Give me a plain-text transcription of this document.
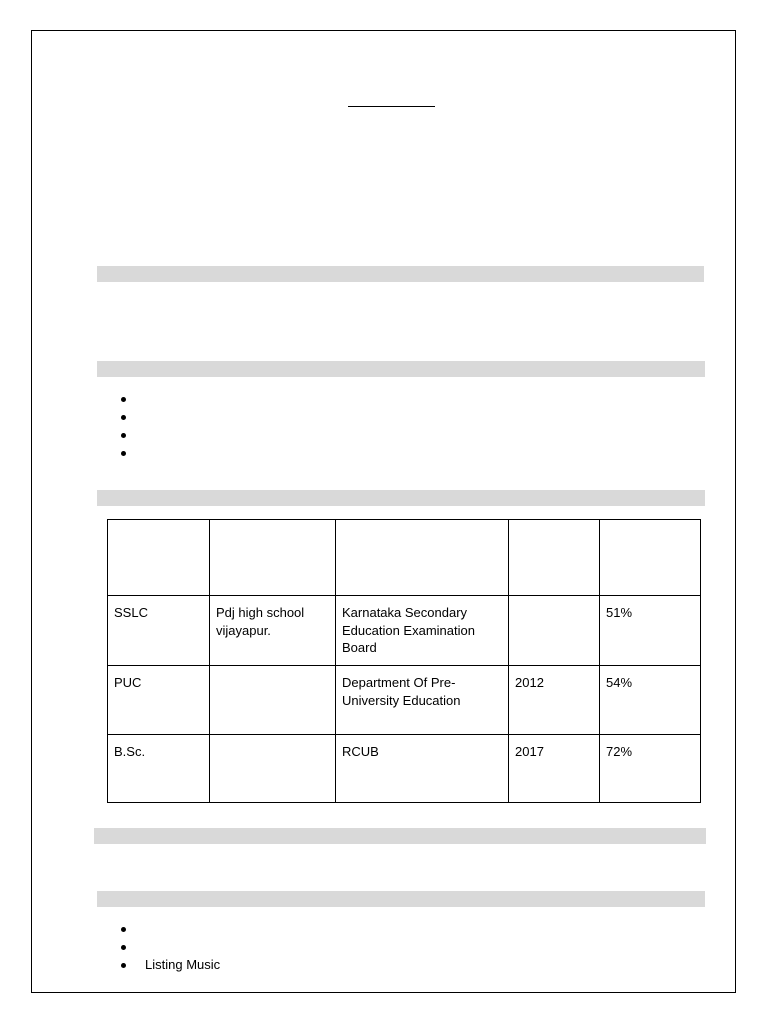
SSLC	Pdj high school vijayapur.	Karnataka Secondary Education Examination Board		51%
PUC		Department Of Pre-University Education	2012	54%
B.Sc.		RCUB	2017	72%
Listing Music
